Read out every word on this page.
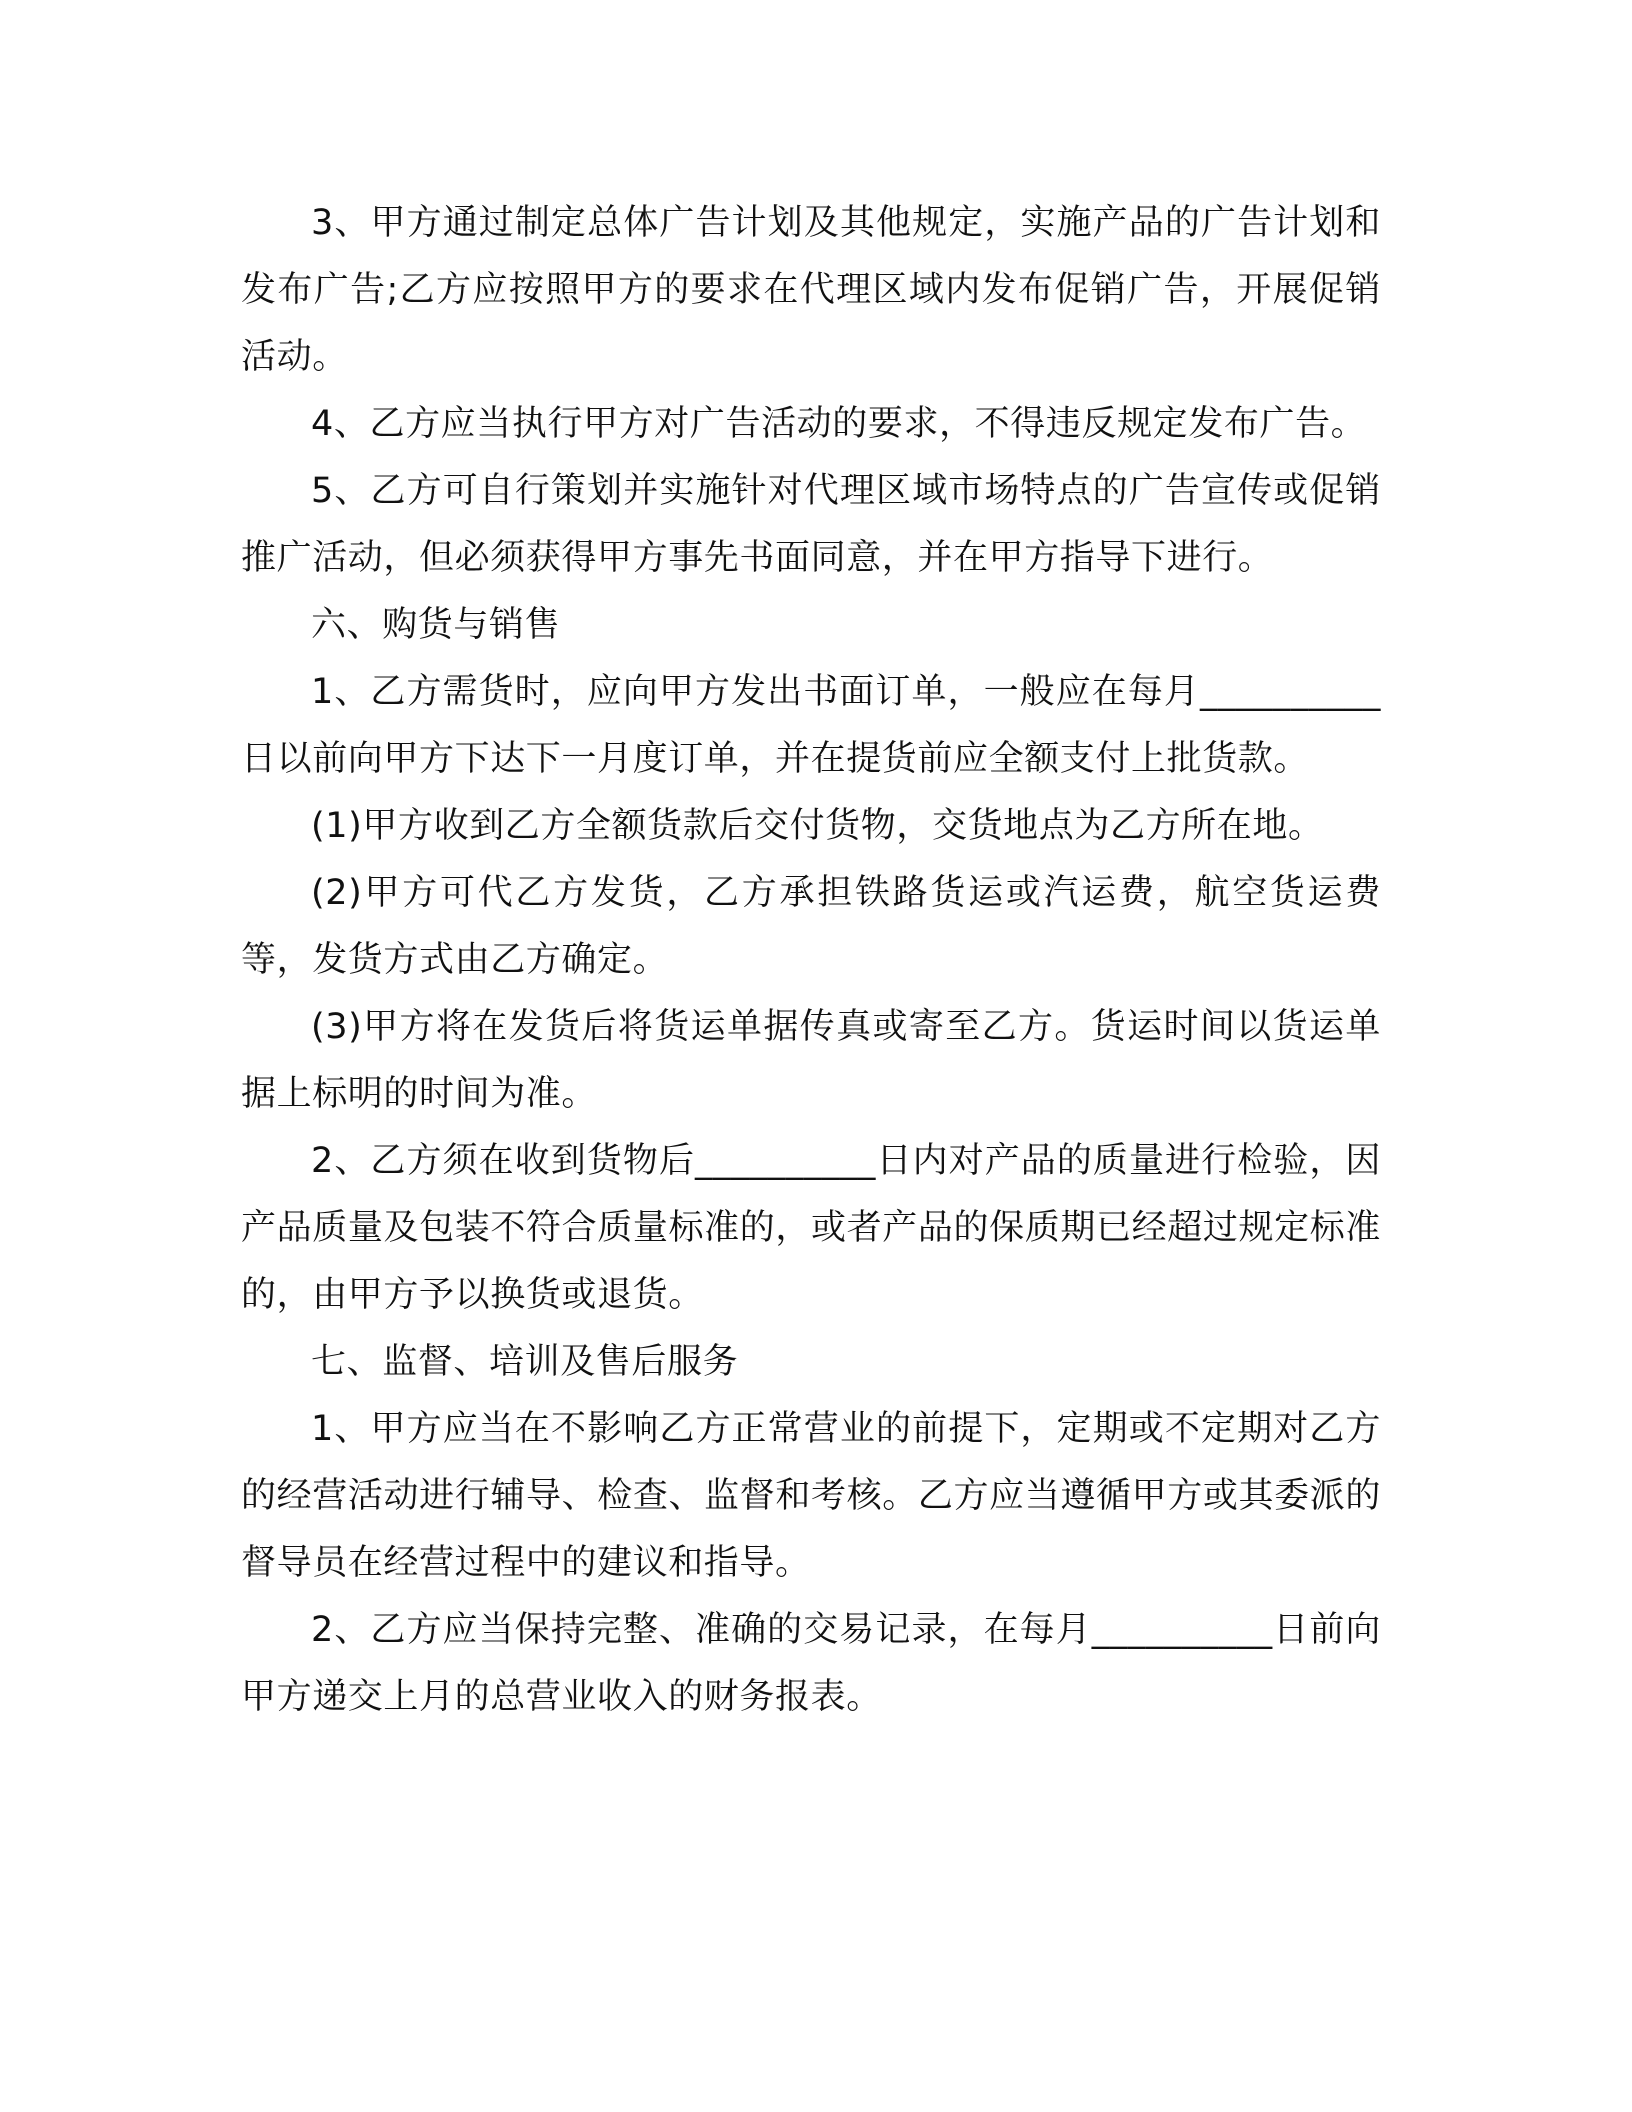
3、甲方通过制定总体广告计划及其他规定，实施产品的广告计划和发布广告;乙方应按照甲方的要求在代理区域内发布促销广告，开展促销活动。

4、乙方应当执行甲方对广告活动的要求，不得违反规定发布广告。

5、乙方可自行策划并实施针对代理区域市场特点的广告宣传或促销推广活动，但必须获得甲方事先书面同意，并在甲方指导下进行。

六、购货与销售

1、乙方需货时，应向甲方发出书面订单，一般应在每月__________日以前向甲方下达下一月度订单，并在提货前应全额支付上批货款。

(1)甲方收到乙方全额货款后交付货物，交货地点为乙方所在地。

(2)甲方可代乙方发货，乙方承担铁路货运或汽运费，航空货运费等，发货方式由乙方确定。

(3)甲方将在发货后将货运单据传真或寄至乙方。货运时间以货运单据上标明的时间为准。

2、乙方须在收到货物后__________日内对产品的质量进行检验，因产品质量及包装不符合质量标准的，或者产品的保质期已经超过规定标准的，由甲方予以换货或退货。

七、监督、培训及售后服务

1、甲方应当在不影响乙方正常营业的前提下，定期或不定期对乙方的经营活动进行辅导、检查、监督和考核。乙方应当遵循甲方或其委派的督导员在经营过程中的建议和指导。

2、乙方应当保持完整、准确的交易记录，在每月__________日前向甲方递交上月的总营业收入的财务报表。
